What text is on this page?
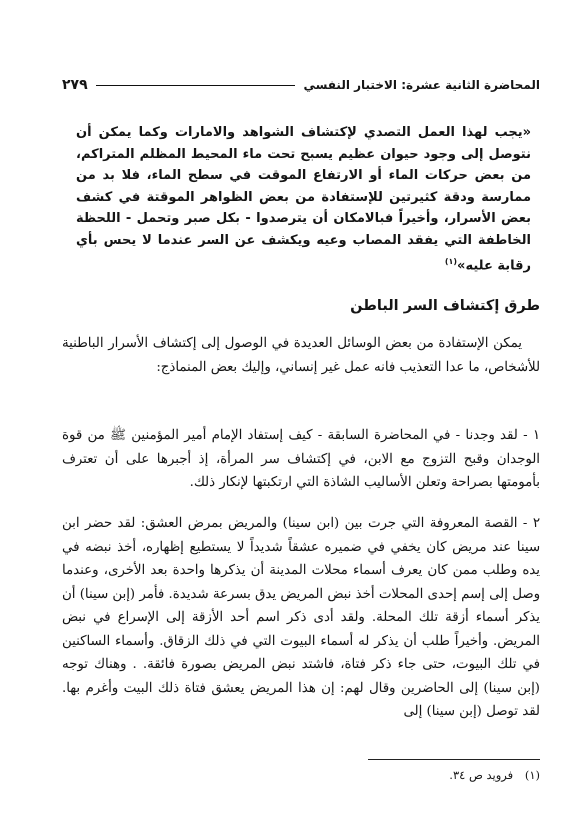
المحاضرة الثانية عشرة: الاختبار النفسي
٢٧٩
«يجب لهذا العمل التصدي لإكتشاف الشواهد والامارات وكما يمكن أن نتوصل إلى وجود حيوان عظيم يسبح تحت ماء المحيط المظلم المتراكم، من بعض حركات الماء أو الارتفاع الموقت في سطح الماء، فلا بد من ممارسة ودقة كثيرتين للإستفادة من بعض الظواهر الموقتة في كشف بعض الأسرار، وأخيراً فبالامكان أن يترصدوا - بكل صبر وتحمل - اللحظة الخاطفة التي يفقد المصاب وعيه ويكشف عن السر عندما لا يحس بأي رقابة عليه»$^{(١)}$
طرق إكتشاف السر الباطن
يمكن الإستفادة من بعض الوسائل العديدة في الوصول إلى إكتشاف الأسرار الباطنية للأشخاص، ما عدا التعذيب فانه عمل غير إنساني، وإليك بعض المنماذج:
١ - لقد وجدنا - في المحاضرة السابقة - كيف إستفاد الإمام أمير المؤمنين ﷺ من قوة الوجدان وقبح التزوج مع الابن، في إكتشاف سر المرأة، إذ أجبرها على أن تعترف بأمومتها بصراحة وتعلن الأساليب الشاذة التي ارتكبتها لإنكار ذلك.
٢ - القصة المعروفة التي جرت بين (ابن سينا) والمريض بمرض العشق: لقد حضر ابن سينا عند مريض كان يخفي في ضميره عشقاً شديداً لا يستطيع إظهاره، أخذ نبضه في يده وطلب ممن كان يعرف أسماء محلات المدينة أن يذكرها واحدة بعد الأخرى، وعندما وصل إلى إسم إحدى المحلات أخذ نبض المريض يدق بسرعة شديدة. فأمر (إبن سينا) أن يذكر أسماء أزقة تلك المحلة. ولقد أدى ذكر اسم أحد الأزقة إلى الإسراع في نبض المريض. وأخيراً طلب أن يذكر له أسماء البيوت التي في ذلك الزقاق. وأسماء الساكنين في تلك البيوت، حتى جاء ذكر فتاة، فاشتد نبض المريض بصورة فائقة. . وهناك توجه (إبن سينا) إلى الحاضرين وقال لهم: إن هذا المريض يعشق فتاة ذلك البيت وأغرم بها. لقد توصل (إبن سينا) إلى
(١) فرويد ص ٣٤.
